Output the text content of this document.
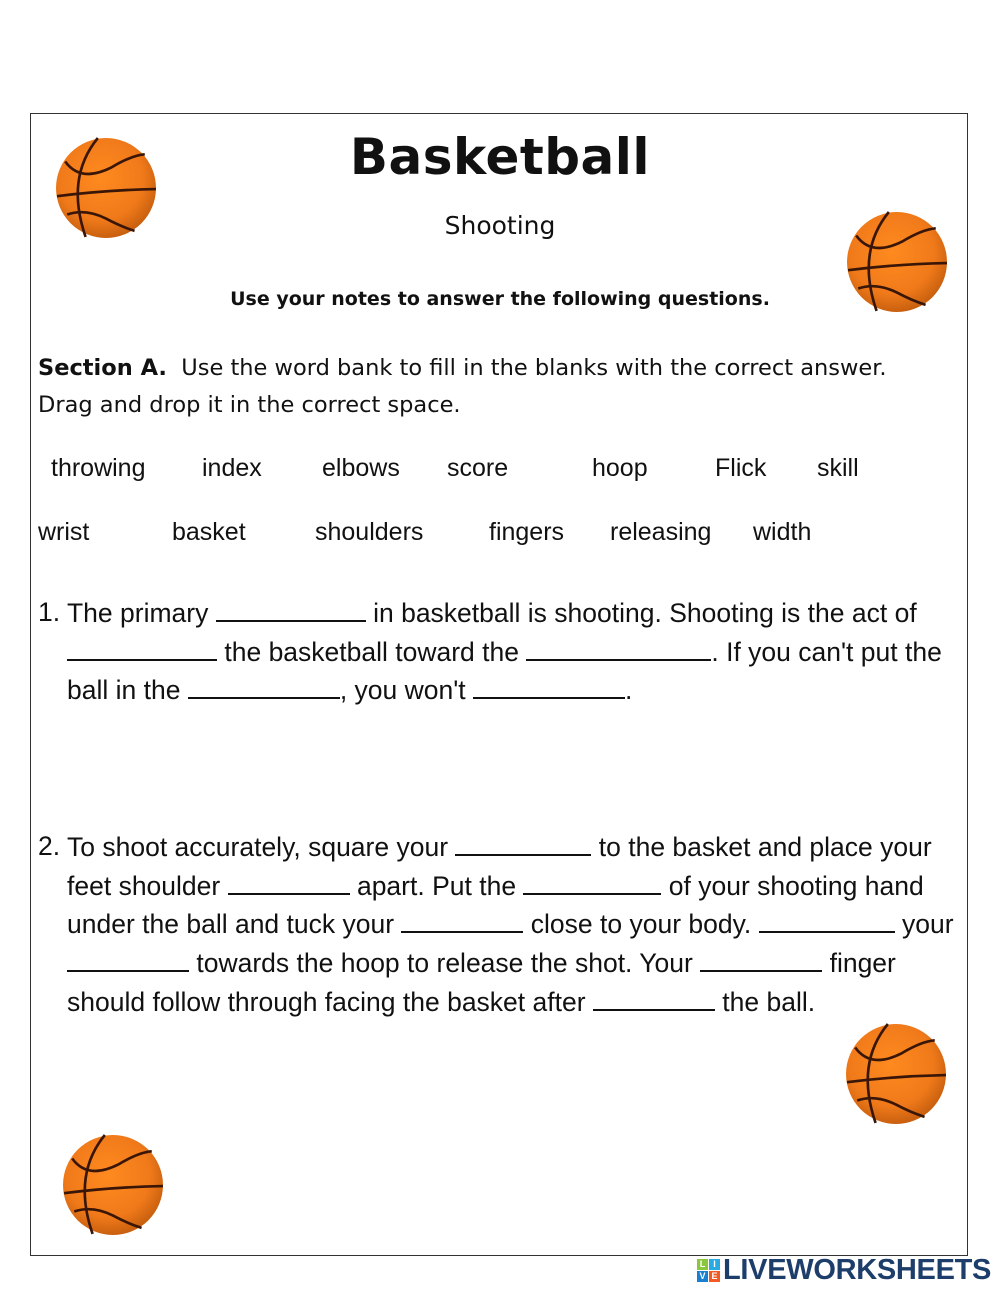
Basketball
Shooting
Use your notes to answer the following questions.
Section A. Use the word bank to fill in the blanks with the correct answer. Drag and drop it in the correct space.
throwing index elbows score	hoop	Flick skill
wrist	basket	shoulders	fingers releasing width
1. The primary	in basketball is shooting. Shooting is the act of  the basketball toward the	. If you can't put the ball in the	, you won't	.
2. To shoot accurately, square your	to the basket and place your feet shoulder	apart. Put the	of your shooting hand under the ball and tuck your	close to your body.	your  towards the hoop to release the shot. Your	finger should follow through facing the basket after	the ball.
L I
V E LIVEWORKSHEETS
